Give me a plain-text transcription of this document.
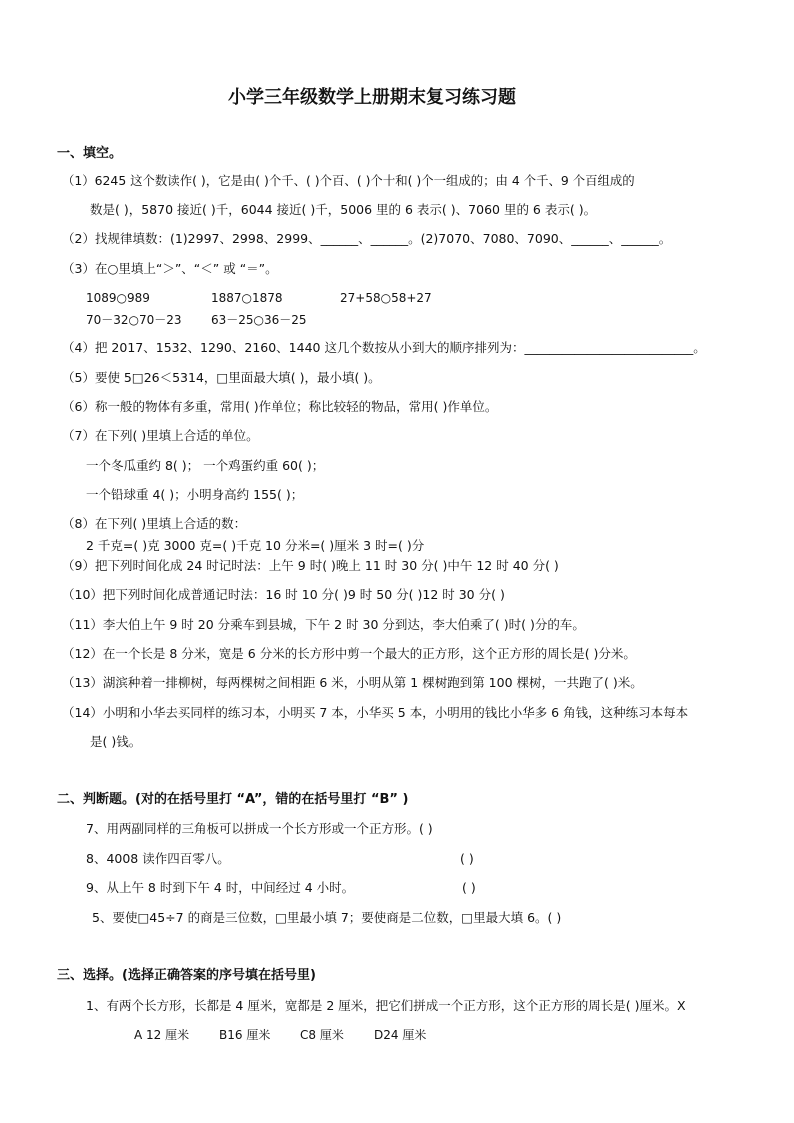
小学三年级数学上册期末复习练习题
一、填空。
（1）6245 这个数读作( )，它是由( )个千、( )个百、( )个十和( )个一组成的；由 4 个千、9 个百组成的
数是( )，5870 接近( )千，6044 接近( )千，5006 里的 6 表示( )、7060 里的 6 表示( )。
（2）找规律填数：(1)2997、2998、2999、______、______。(2)7070、7080、7090、______、______。
（3）在○里填上“＞”、“＜” 或 “＝”。
1089○989	1887○1878	27+58○58+27
70－32○70－23 63－25○36－25
（4）把 2017、1532、1290、2160、1440 这几个数按从小到大的顺序排列为：___________________________。
（5）要使 5□26＜5314，□里面最大填( )，最小填( )。
（6）称一般的物体有多重，常用( )作单位；称比较轻的物品，常用( )作单位。
（7）在下列( )里填上合适的单位。
一个冬瓜重约 8( )； 一个鸡蛋约重 60( )；
一个铅球重 4( )；小明身高约 155( )；
（8）在下列( )里填上合适的数：
2 千克=( )克 3000 克=( )千克 10 分米=( )厘米 3 时=( )分
（9）把下列时间化成 24 时记时法：上午 9 时( )晚上 11 时 30 分( )中午 12 时 40 分( )
（10）把下列时间化成普通记时法：16 时 10 分( )9 时 50 分( )12 时 30 分( )
（11）李大伯上午 9 时 20 分乘车到县城，下午 2 时 30 分到达，李大伯乘了( )时( )分的车。
（12）在一个长是 8 分米，宽是 6 分米的长方形中剪一个最大的正方形，这个正方形的周长是( )分米。
（13）湖滨种着一排柳树，每两棵树之间相距 6 米，小明从第 1 棵树跑到第 100 棵树，一共跑了( )米。
（14）小明和小华去买同样的练习本，小明买 7 本，小华买 5 本，小明用的钱比小华多 6 角钱，这种练习本每本
是( )钱。
二、判断题。(对的在括号里打 “A”，错的在括号里打 “B” )
7、用两副同样的三角板可以拼成一个长方形或一个正方形。( )
8、4008 读作四百零八。	( )
9、从上午 8 时到下午 4 时，中间经过 4 小时。	( )
5、要使□45÷7 的商是三位数，□里最小填 7；要使商是二位数，□里最大填 6。( )
三、选择。(选择正确答案的序号填在括号里)
1、有两个长方形，长都是 4 厘米，宽都是 2 厘米，把它们拼成一个正方形，这个正方形的周长是( )厘米。X
A 12 厘米 B16 厘米 C8 厘米	D24 厘米
